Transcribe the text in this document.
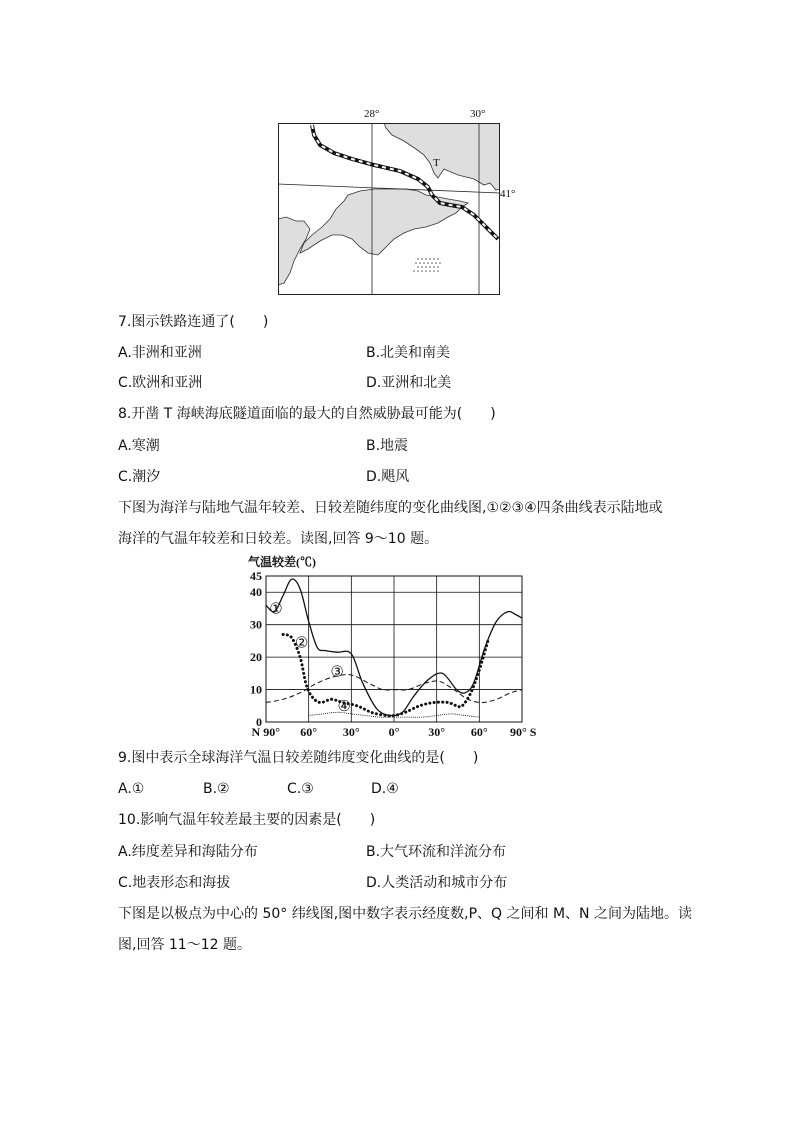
28°	30°
41°
T
7.图示铁路连通了(　　)
A.非洲和亚洲	B.北美和南美
C.欧洲和亚洲	D.亚洲和北美
8.开凿 T 海峡海底隧道面临的最大的自然威胁最可能为(　　)
A.寒潮	B.地震
C.潮汐	D.飓风
下图为海洋与陆地气温年较差、日较差随纬度的变化曲线图,①②③④四条曲线表示陆地或
海洋的气温年较差和日较差。读图,回答 9～10 题。
气温较差(℃)
0
10
20
30
40
45
N 90° 60° 30° 0° 30° 60° 90° S
①
②
③
④
9.图中表示全球海洋气温日较差随纬度变化曲线的是(　　)
A.①	B.②	C.③	D.④
10.影响气温年较差最主要的因素是(　　)
A.纬度差异和海陆分布	B.大气环流和洋流分布
C.地表形态和海拔	D.人类活动和城市分布
下图是以极点为中心的 50° 纬线图,图中数字表示经度数,P、Q 之间和 M、N 之间为陆地。读
图,回答 11～12 题。
